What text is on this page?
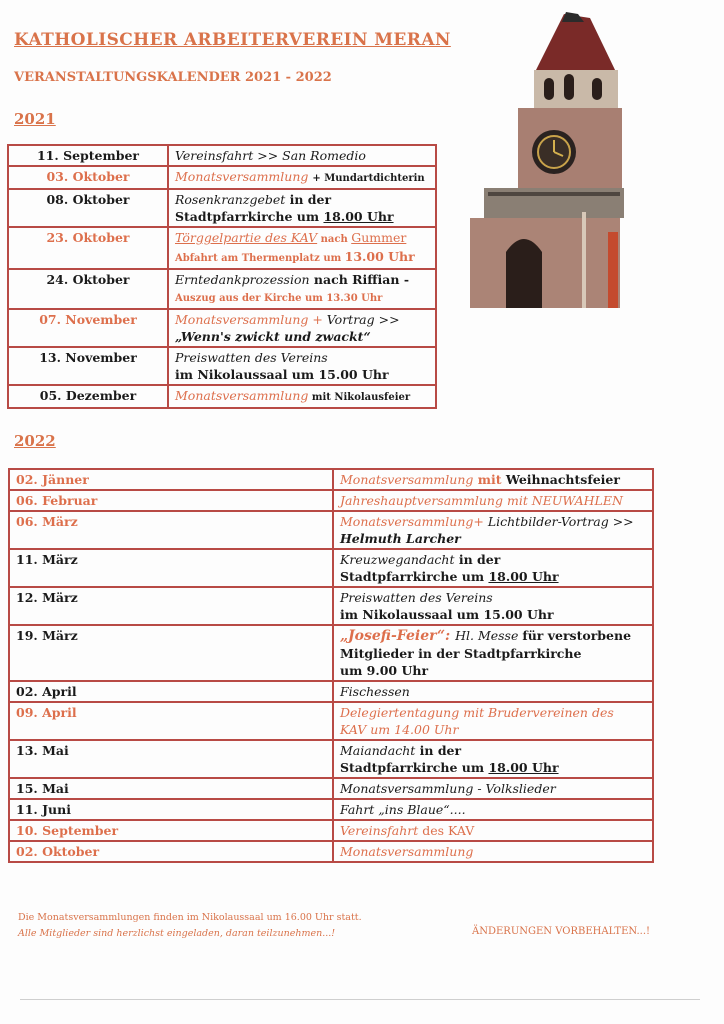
KATHOLISCHER ARBEITERVEREIN MERAN
VERANSTALTUNGSKALENDER 2021 - 2022
2021
11. September	Vereinsfahrt >> San Romedio
03. Oktober	Monatsversammlung + Mundartdichterin
08. Oktober	Rosenkranzgebet in der
Stadtpfarrkirche um 18.00 Uhr
23. Oktober	Törggelpartie des KAV nach Gummer
Abfahrt am Thermenplatz um 13.00 Uhr
24. Oktober	Erntedankprozession nach Riffian -
Auszug aus der Kirche um 13.30 Uhr
07. November	Monatsversammlung + Vortrag >>
„Wenn's zwickt und zwackt“
13. November	Preiswatten des Vereins
im Nikolaussaal um 15.00 Uhr
05. Dezember	Monatsversammlung mit Nikolausfeier
2022
02. Jänner	Monatsversammlung mit Weihnachtsfeier
06. Februar	Jahreshauptversammlung mit NEUWAHLEN
06. März	Monatsversammlung+ Lichtbilder-Vortrag >>
Helmuth Larcher
11. März	Kreuzwegandacht in der
Stadtpfarrkirche um 18.00 Uhr
12. März	Preiswatten des Vereins
im Nikolaussaal um 15.00 Uhr
19. März	„Josefi-Feier“: Hl. Messe für verstorbene
Mitglieder in der Stadtpfarrkirche
um 9.00 Uhr
02. April	Fischessen
09. April	Delegiertentagung mit Brudervereinen des
KAV um 14.00 Uhr
13. Mai	Maiandacht in der
Stadtpfarrkirche um 18.00 Uhr
15. Mai	Monatsversammlung - Volkslieder
11. Juni	Fahrt „ins Blaue“....
10. September	Vereinsfahrt des KAV
02. Oktober	Monatsversammlung
Die Monatsversammlungen finden im Nikolaussaal um 16.00 Uhr statt.
Alle Mitglieder sind herzlichst eingeladen, daran teilzunehmen...!	ÄNDERUNGEN VORBEHALTEN...!
